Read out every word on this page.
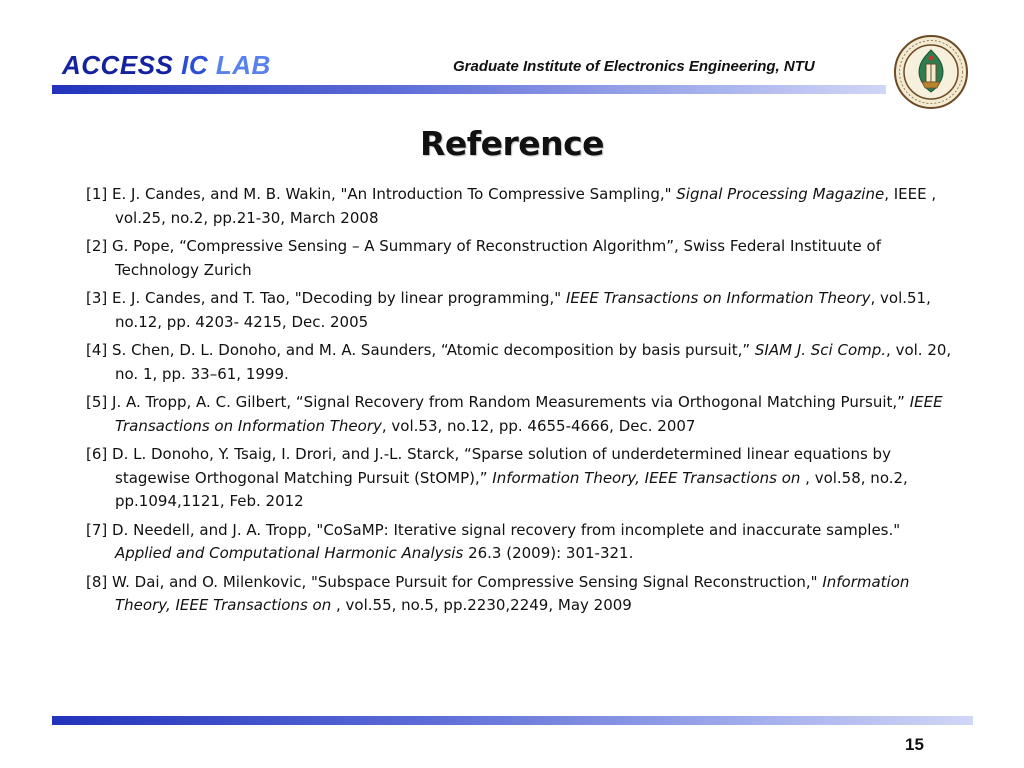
ACCESS IC LAB	Graduate Institute of Electronics Engineering, NTU
Reference
[1] E. J. Candes, and M. B. Wakin, "An Introduction To Compressive Sampling," Signal Processing Magazine, IEEE , vol.25, no.2, pp.21-30, March 2008
[2] G. Pope, “Compressive Sensing – A Summary of Reconstruction Algorithm”, Swiss Federal Instituute of Technology Zurich
[3] E. J. Candes, and T. Tao, "Decoding by linear programming," IEEE Transactions on Information Theory, vol.51, no.12, pp. 4203- 4215, Dec. 2005
[4] S. Chen, D. L. Donoho, and M. A. Saunders, “Atomic decomposition by basis pursuit,” SIAM J. Sci Comp., vol. 20, no. 1, pp. 33–61, 1999.
[5] J. A. Tropp, A. C. Gilbert, “Signal Recovery from Random Measurements via Orthogonal Matching Pursuit,” IEEE Transactions on Information Theory, vol.53, no.12, pp. 4655-4666, Dec. 2007
[6] D. L. Donoho, Y. Tsaig, I. Drori, and J.-L. Starck, “Sparse solution of underdetermined linear equations by stagewise Orthogonal Matching Pursuit (StOMP),” Information Theory, IEEE Transactions on , vol.58, no.2, pp.1094,1121, Feb. 2012
[7] D. Needell, and J. A. Tropp, "CoSaMP: Iterative signal recovery from incomplete and inaccurate samples." Applied and Computational Harmonic Analysis 26.3 (2009): 301-321.
[8] W. Dai, and O. Milenkovic, "Subspace Pursuit for Compressive Sensing Signal Reconstruction," Information Theory, IEEE Transactions on , vol.55, no.5, pp.2230,2249, May 2009
15
